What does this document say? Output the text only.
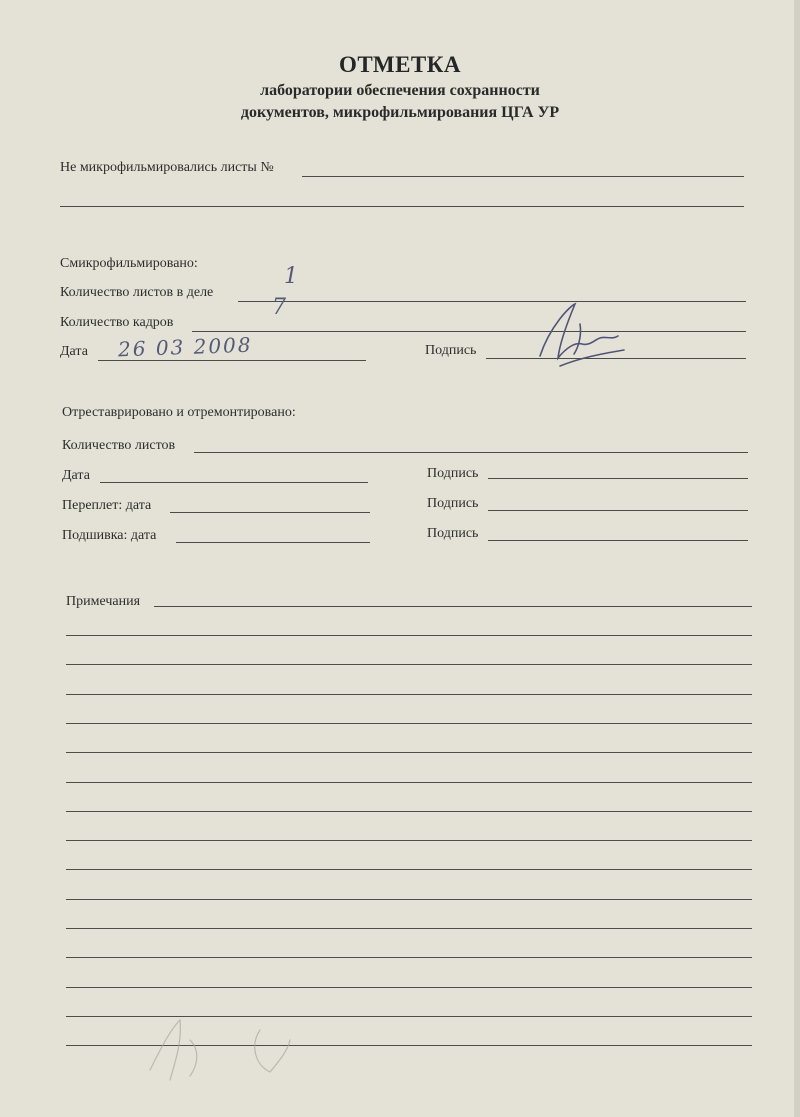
ОТМЕТКА
лаборатории обеспечения сохранности
документов, микрофильмирования ЦГА УР
Не микрофильмировались листы №
Смикрофильмировано:
Количество листов в деле
1
Количество кадров
7
Дата 26 03 2008	Подпись
Отреставрировано и отремонтировано:
Количество листов
Дата	Подпись
Переплет: дата	Подпись
Подшивка: дата	Подпись
Примечания
